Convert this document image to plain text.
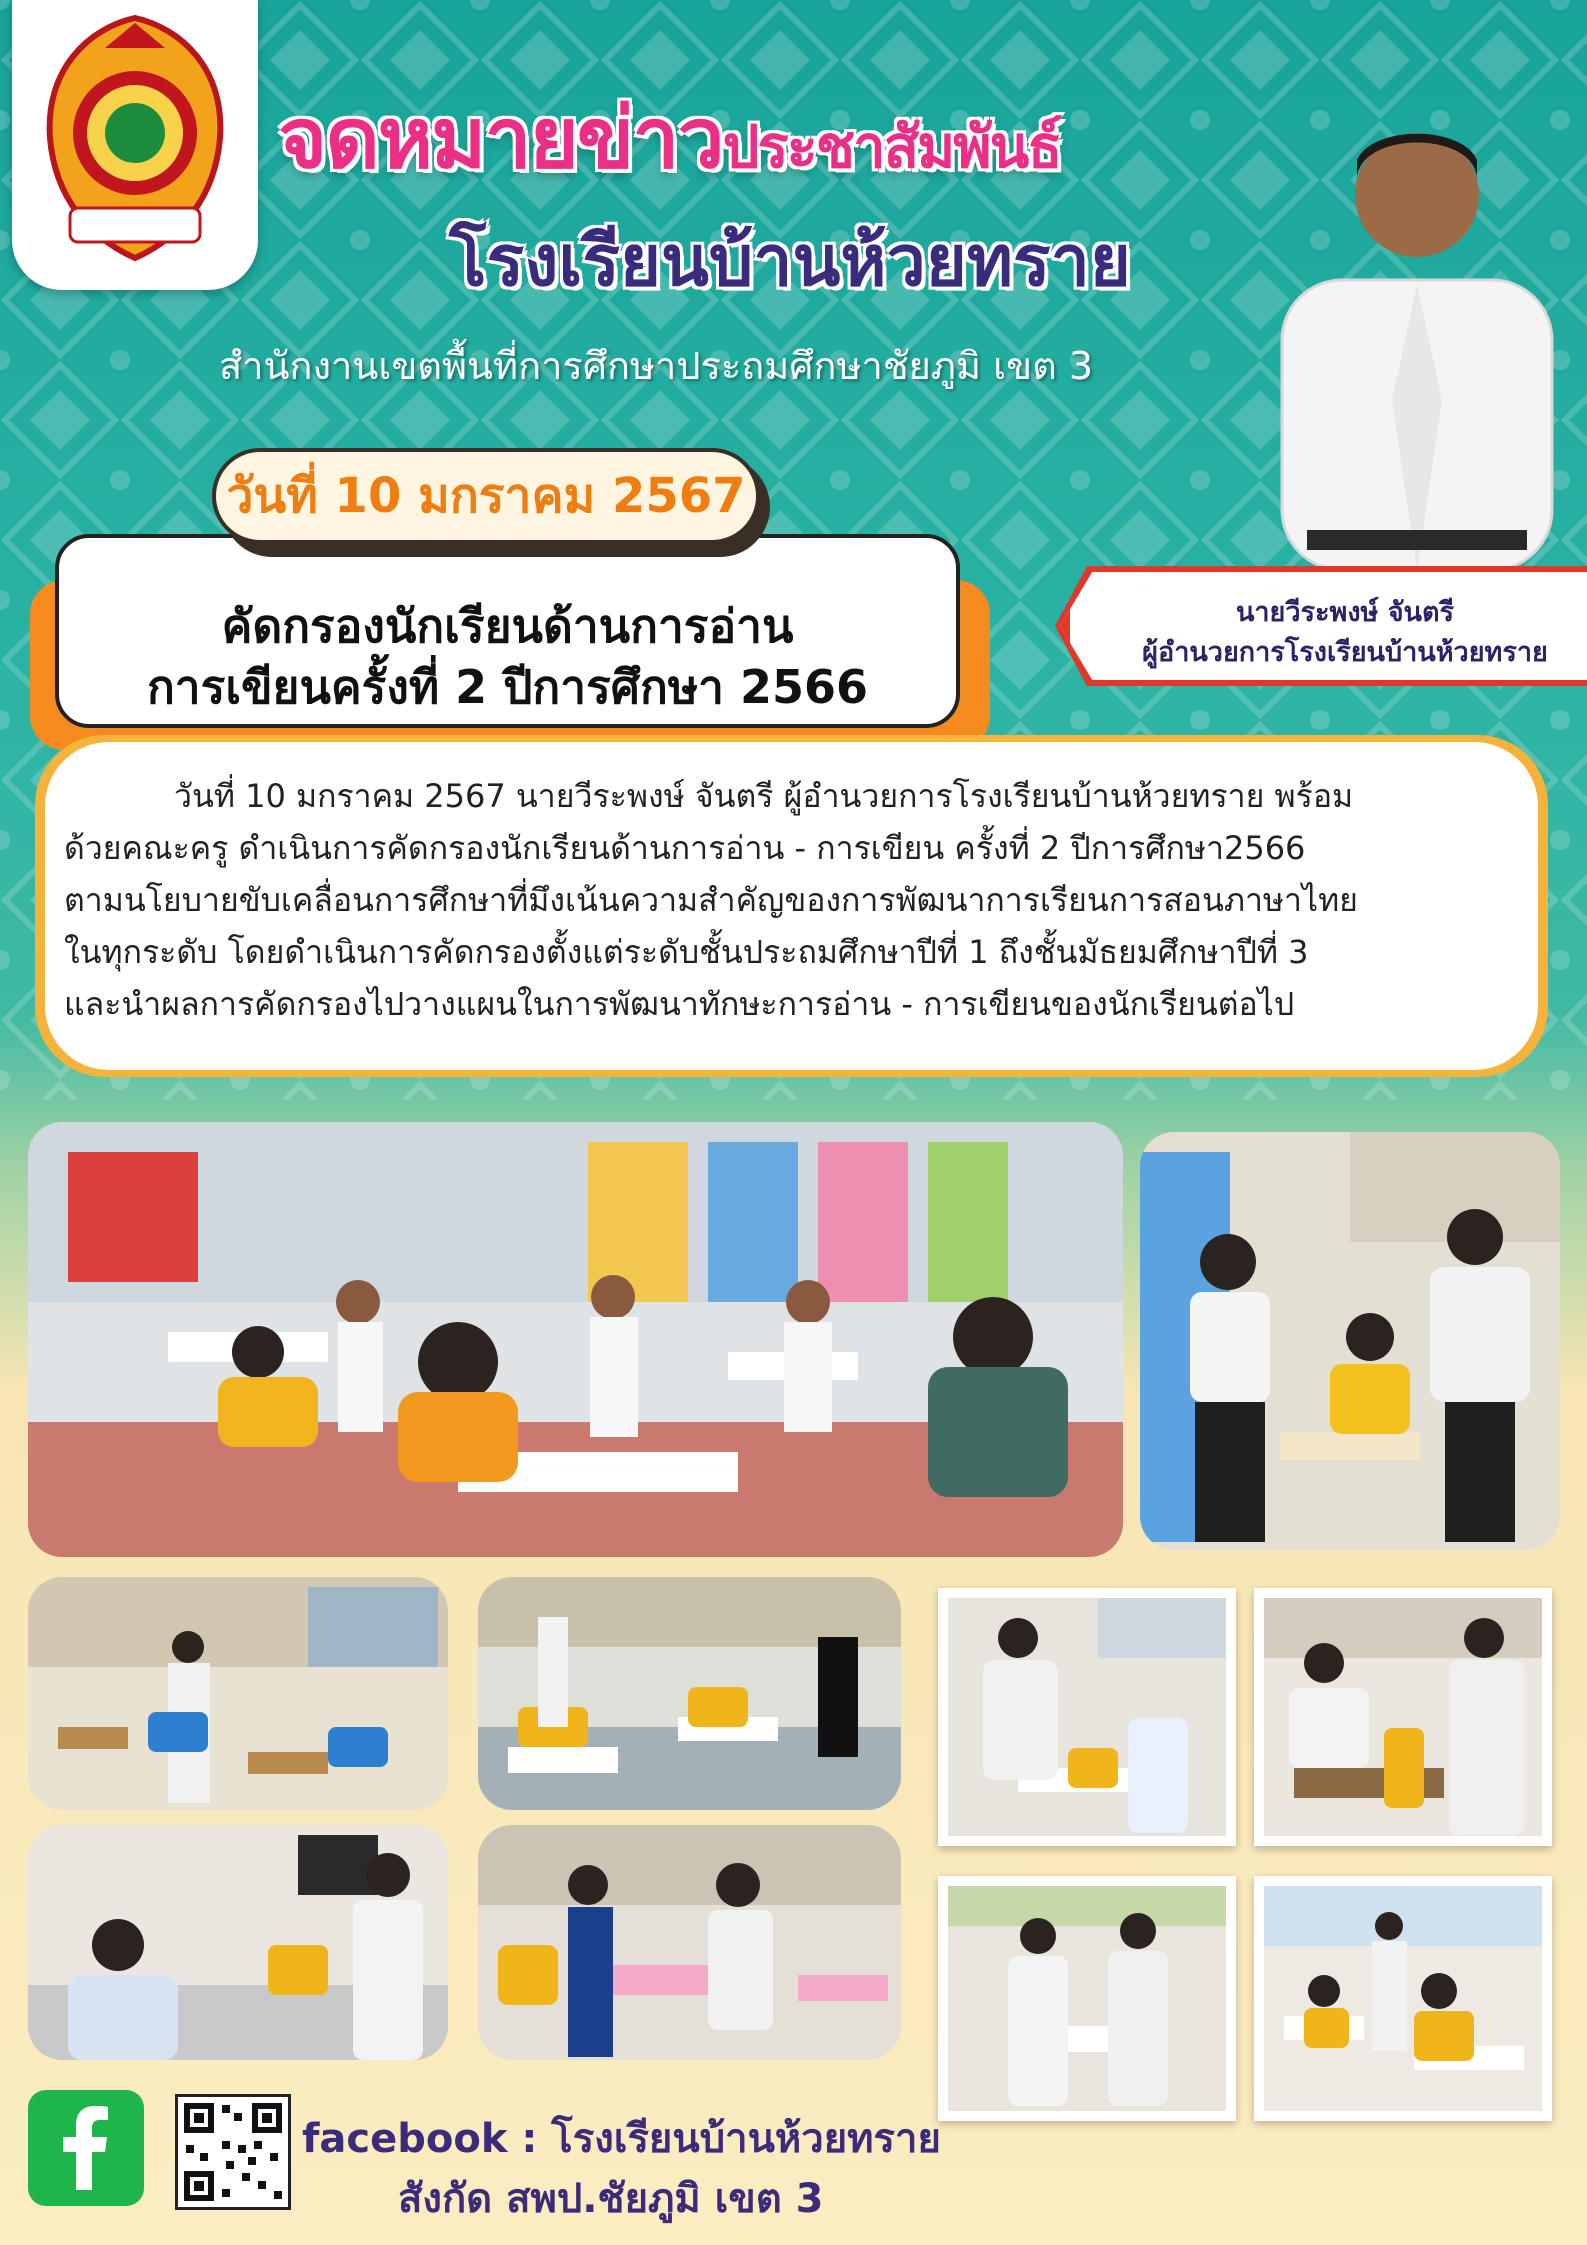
จดหมายข่าวประชาสัมพันธ์
โรงเรียนบ้านห้วยทราย
สำนักงานเขตพื้นที่การศึกษาประถมศึกษาชัยภูมิ เขต 3
นายวีระพงษ์ จันตรี
ผู้อำนวยการโรงเรียนบ้านห้วยทราย
คัดกรองนักเรียนด้านการอ่าน
การเขียนครั้งที่ 2 ปีการศึกษา 2566
วันที่ 10 มกราคม 2567
วันที่ 10 มกราคม 2567 นายวีระพงษ์ จันตรี ผู้อำนวยการโรงเรียนบ้านห้วยทราย พร้อม
ด้วยคณะครู ดำเนินการคัดกรองนักเรียนด้านการอ่าน - การเขียน ครั้งที่ 2 ปีการศึกษา2566
ตามนโยบายขับเคลื่อนการศึกษาที่มึงเน้นความสำคัญของการพัฒนาการเรียนการสอนภาษาไทย
ในทุกระดับ โดยดำเนินการคัดกรองตั้งแต่ระดับชั้นประถมศึกษาปีที่ 1 ถึงชั้นมัธยมศึกษาปีที่ 3
และนำผลการคัดกรองไปวางแผนในการพัฒนาทักษะการอ่าน - การเขียนของนักเรียนต่อไป
facebook : โรงเรียนบ้านห้วยทราย
สังกัด สพป.ชัยภูมิ เขต 3
